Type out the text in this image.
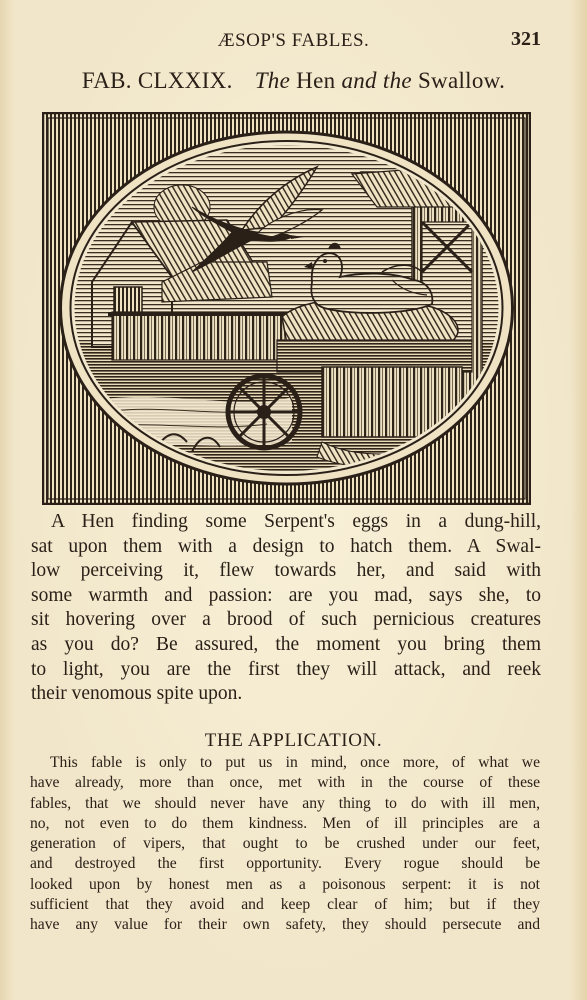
ÆSOP'S FABLES.	321
FAB. CLXXIX. The Hen and the Swallow.
A Hen finding some Serpent's eggs in a dung-hill,
sat upon them with a design to hatch them. A Swal-
low perceiving it, flew towards her, and said with
some warmth and passion: are you mad, says she, to
sit hovering over a brood of such pernicious creatures
as you do? Be assured, the moment you bring them
to light, you are the first they will attack, and reek
their venomous spite upon.
THE APPLICATION.
This fable is only to put us in mind, once more, of what we
have already, more than once, met with in the course of these
fables, that we should never have any thing to do with ill men,
no, not even to do them kindness. Men of ill principles are a
generation of vipers, that ought to be crushed under our feet,
and destroyed the first opportunity. Every rogue should be
looked upon by honest men as a poisonous serpent: it is not
sufficient that they avoid and keep clear of him; but if they
have any value for their own safety, they should persecute and
